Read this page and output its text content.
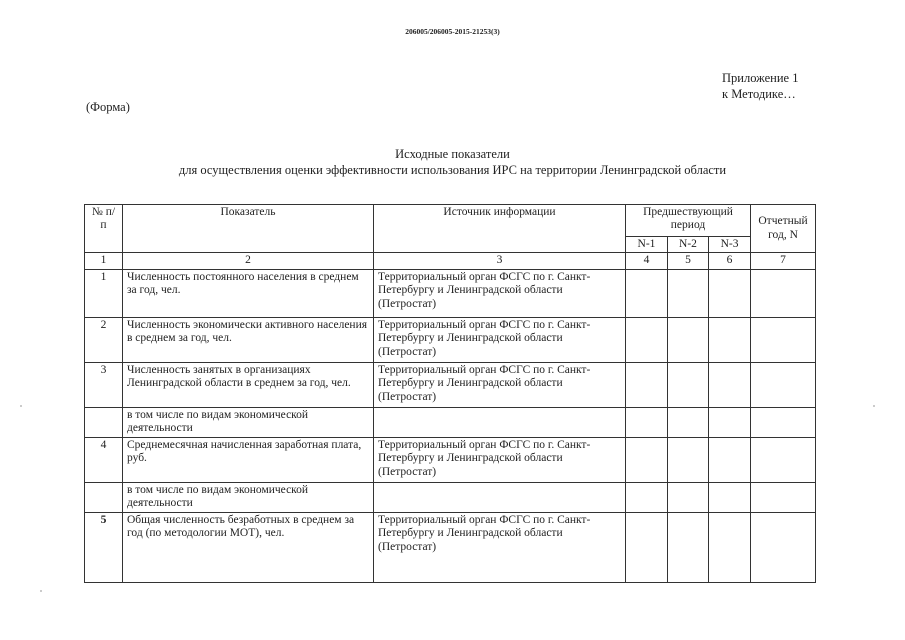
206005/206005-2015-21253(3)
Приложение 1
к Методике…
(Форма)
Исходные показатели
для осуществления оценки эффективности использования ИРС на территории Ленинградской области
№ п/п	Показатель	Источник информации	Предшествующий период			Отчетный год, N
			N-1	N-2	N-3	
1	2	3	4	5	6	7
1	Численность постоянного населения в среднем за год, чел.	Территориальный орган ФСГС по г. Санкт-Петербургу и Ленинградской области (Петростат)				
2	Численность экономически активного населения в среднем за год, чел.	Территориальный орган ФСГС по г. Санкт-Петербургу и Ленинградской области (Петростат)				
3	Численность занятых в организациях Ленинградской области в среднем за год, чел.	Территориальный орган ФСГС по г. Санкт-Петербургу и Ленинградской области (Петростат)				
	в том числе по видам экономической деятельности					
4	Среднемесячная начисленная заработная плата, руб.	Территориальный орган ФСГС по г. Санкт-Петербургу и Ленинградской области (Петростат)				
	в том числе по видам экономической деятельности					
5	Общая численность безработных в среднем за год (по методологии МОТ), чел.	Территориальный орган ФСГС по г. Санкт-Петербургу и Ленинградской области (Петростат)				
